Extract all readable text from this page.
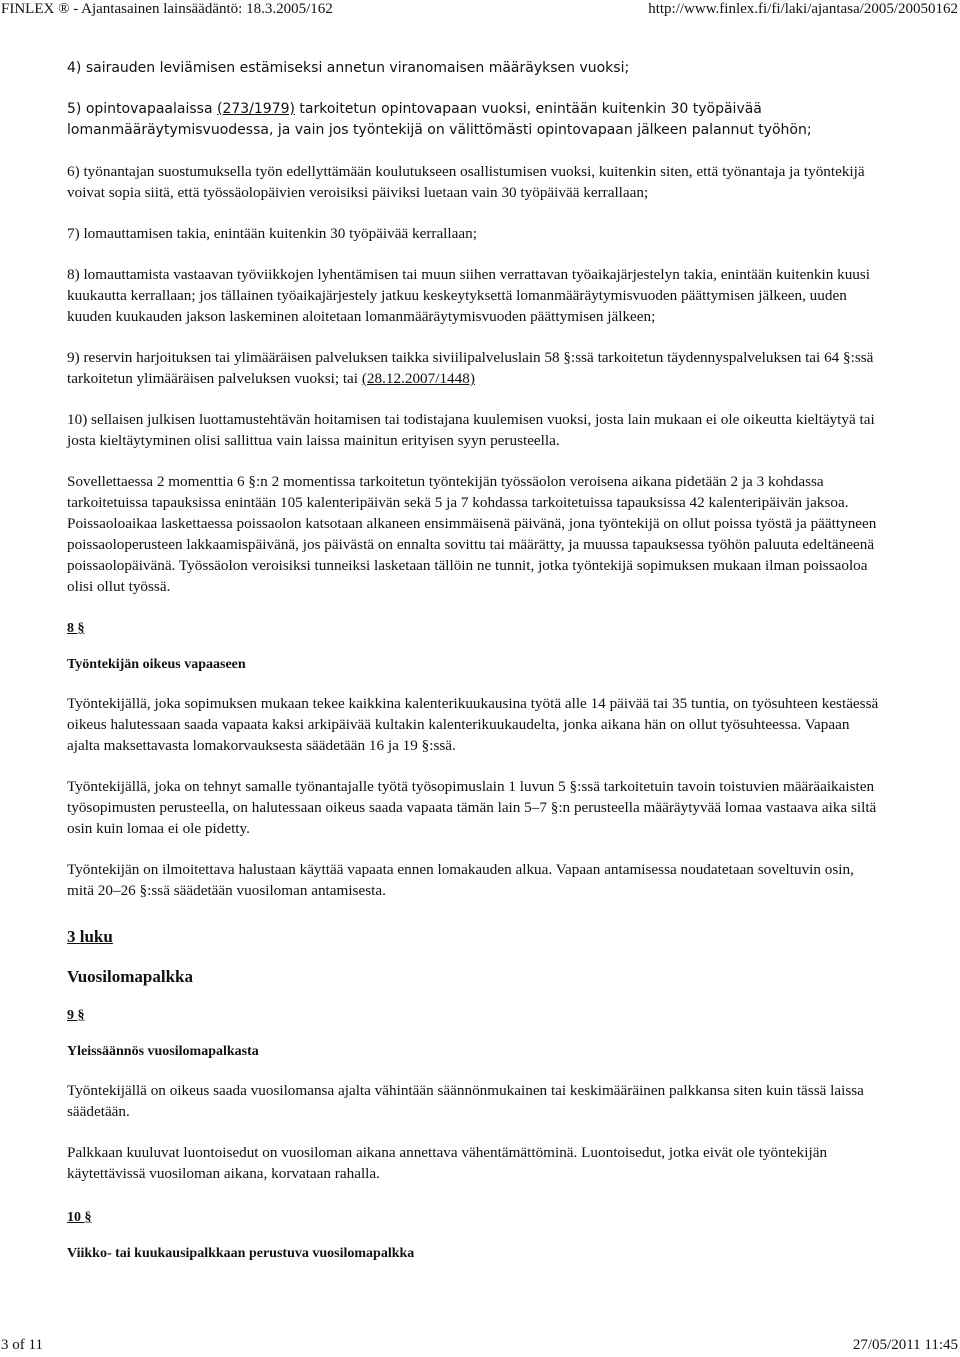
FINLEX ® - Ajantasainen lainsäädäntö: 18.3.2005/162	http://www.finlex.fi/fi/laki/ajantasa/2005/20050162

4) sairauden leviämisen estämiseksi annetun viranomaisen määräyksen vuoksi;

5) opintovapaalaissa (273/1979) tarkoitetun opintovapaan vuoksi, enintään kuitenkin 30 työpäivää lomanmääräytymisvuodessa, ja vain jos työntekijä on välittömästi opintovapaan jälkeen palannut työhön;

6) työnantajan suostumuksella työn edellyttämään koulutukseen osallistumisen vuoksi, kuitenkin siten, että työnantaja ja työntekijä voivat sopia siitä, että työssäolopäivien veroisiksi päiviksi luetaan vain 30 työpäivää kerrallaan;

7) lomauttamisen takia, enintään kuitenkin 30 työpäivää kerrallaan;

8) lomauttamista vastaavan työviikkojen lyhentämisen tai muun siihen verrattavan työaikajärjestelyn takia, enintään kuitenkin kuusi kuukautta kerrallaan; jos tällainen työaikajärjestely jatkuu keskeytyksettä lomanmääräytymisvuoden päättymisen jälkeen, uuden kuuden kuukauden jakson laskeminen aloitetaan lomanmääräytymisvuoden päättymisen jälkeen;

9) reservin harjoituksen tai ylimääräisen palveluksen taikka siviilipalveluslain 58 §:ssä tarkoitetun täydennyspalveluksen tai 64 §:ssä tarkoitetun ylimääräisen palveluksen vuoksi; tai (28.12.2007/1448)

10) sellaisen julkisen luottamustehtävän hoitamisen tai todistajana kuulemisen vuoksi, josta lain mukaan ei ole oikeutta kieltäytyä tai josta kieltäytyminen olisi sallittua vain laissa mainitun erityisen syyn perusteella.

Sovellettaessa 2 momenttia 6 §:n 2 momentissa tarkoitetun työntekijän työssäolon veroisena aikana pidetään 2 ja 3 kohdassa tarkoitetuissa tapauksissa enintään 105 kalenteripäivän sekä 5 ja 7 kohdassa tarkoitetuissa tapauksissa 42 kalenteripäivän jaksoa. Poissaoloaikaa laskettaessa poissaolon katsotaan alkaneen ensimmäisenä päivänä, jona työntekijä on ollut poissa työstä ja päättyneen poissaoloperusteen lakkaamispäivänä, jos päivästä on ennalta sovittu tai määrätty, ja muussa tapauksessa työhön paluuta edeltäneenä poissaolopäivänä. Työssäolon veroisiksi tunneiksi lasketaan tällöin ne tunnit, jotka työntekijä sopimuksen mukaan ilman poissaoloa olisi ollut työssä.

8 §

Työntekijän oikeus vapaaseen

Työntekijällä, joka sopimuksen mukaan tekee kaikkina kalenterikuukausina työtä alle 14 päivää tai 35 tuntia, on työsuhteen kestäessä oikeus halutessaan saada vapaata kaksi arkipäivää kultakin kalenterikuukaudelta, jonka aikana hän on ollut työsuhteessa. Vapaan ajalta maksettavasta lomakorvauksesta säädetään 16 ja 19 §:ssä.

Työntekijällä, joka on tehnyt samalle työnantajalle työtä työsopimuslain 1 luvun 5 §:ssä tarkoitetuin tavoin toistuvien määräaikaisten työsopimusten perusteella, on halutessaan oikeus saada vapaata tämän lain 5–7 §:n perusteella määräytyvää lomaa vastaava aika siltä osin kuin lomaa ei ole pidetty.

Työntekijän on ilmoitettava halustaan käyttää vapaata ennen lomakauden alkua. Vapaan antamisessa noudatetaan soveltuvin osin, mitä 20–26 §:ssä säädetään vuosiloman antamisesta.

3 luku

Vuosilomapalkka

9 §

Yleissäännös vuosilomapalkasta

Työntekijällä on oikeus saada vuosilomansa ajalta vähintään säännönmukainen tai keskimääräinen palkkansa siten kuin tässä laissa säädetään.

Palkkaan kuuluvat luontoisedut on vuosiloman aikana annettava vähentämättöminä. Luontoisedut, jotka eivät ole työntekijän käytettävissä vuosiloman aikana, korvataan rahalla.

10 §

Viikko- tai kuukausipalkkaan perustuva vuosilomapalkka

3 of 11	27/05/2011 11:45
